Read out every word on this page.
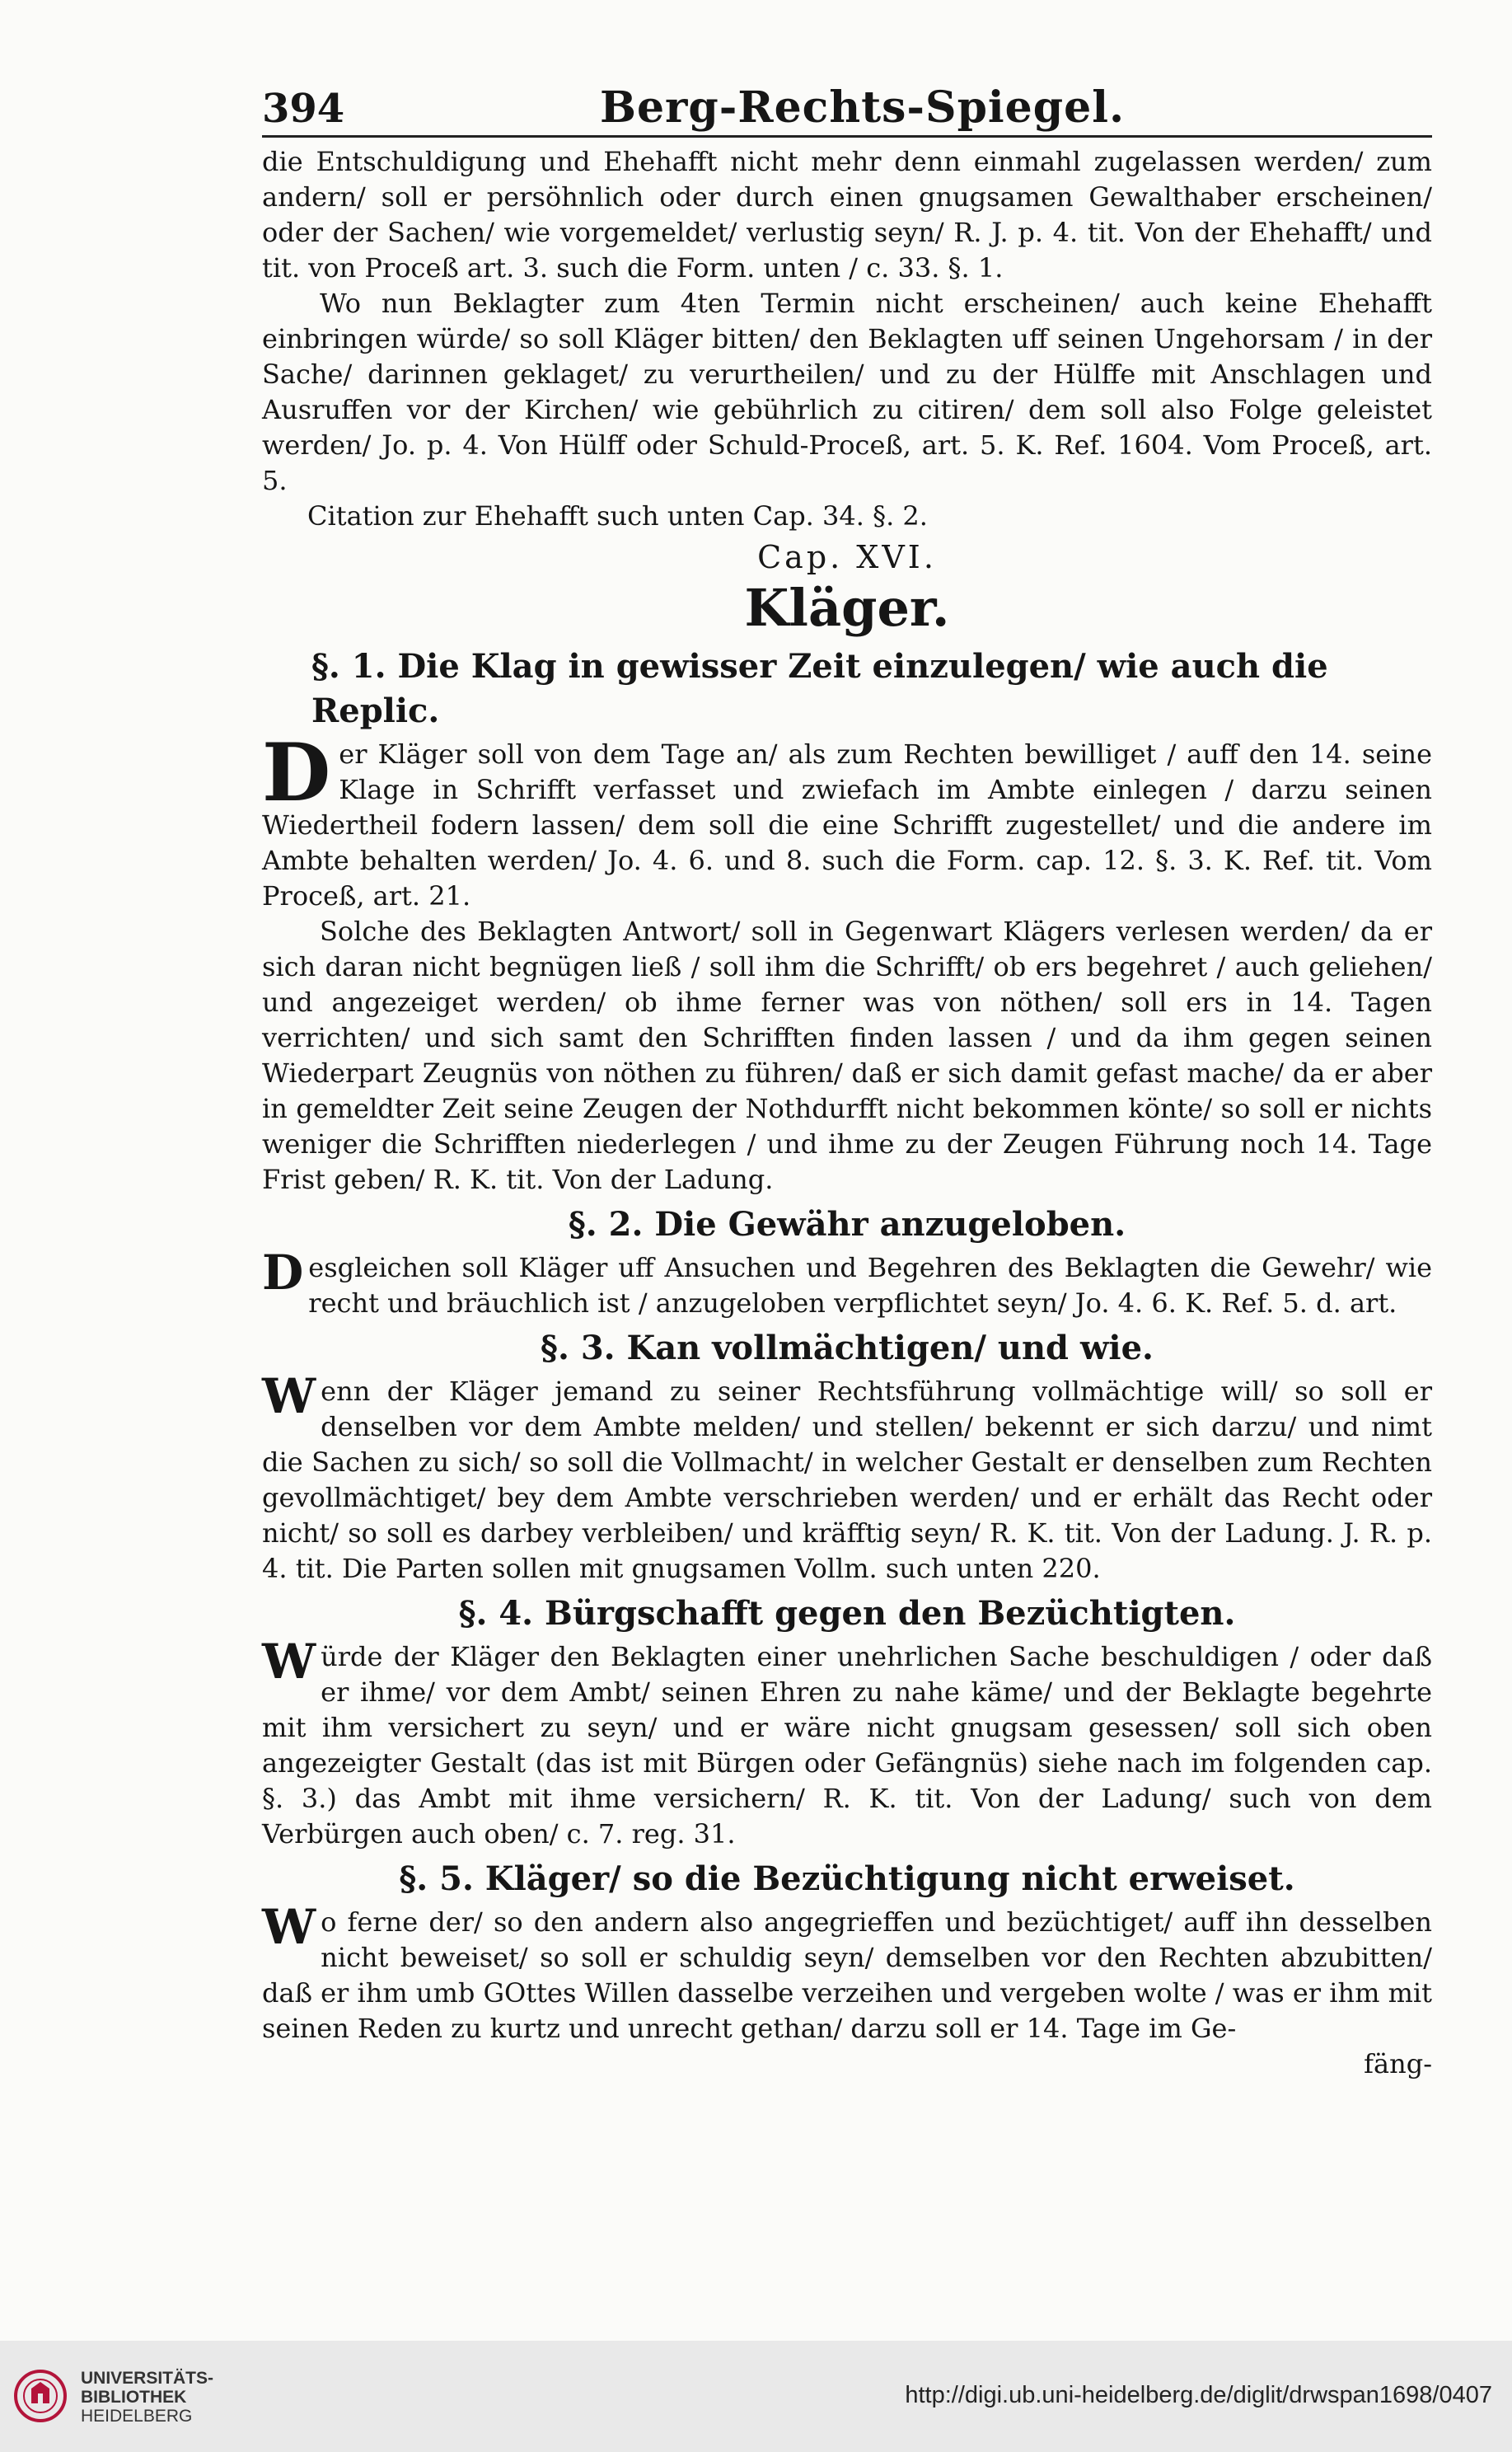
394	Berg-Rechts-Spiegel.

die Entschuldigung und Ehehafft nicht mehr denn einmahl zugelassen werden/ zum andern/ soll er persöhnlich oder durch einen gnugsamen Gewalthaber erscheinen/ oder der Sachen/ wie vorgemeldet/ verlustig seyn/ R. J. p. 4. tit. Von der Ehehafft/ und tit. von Proceß art. 3. such die Form. unten / c. 33. §. 1.

Wo nun Beklagter zum 4ten Termin nicht erscheinen/ auch keine Ehehafft einbringen würde/ so soll Kläger bitten/ den Beklagten uff seinen Ungehorsam / in der Sache/ darinnen geklaget/ zu verurtheilen/ und zu der Hülffe mit Anschlagen und Ausruffen vor der Kirchen/ wie gebührlich zu citiren/ dem soll also Folge geleistet werden/ Jo. p. 4. Von Hülff oder Schuld-Proceß, art. 5. K. Ref. 1604. Vom Proceß, art. 5.

Citation zur Ehehafft such unten Cap. 34. §. 2.

Cap. XVI.
Kläger.
§. 1. Die Klag in gewisser Zeit einzulegen/ wie auch die Replic.

Der Kläger soll von dem Tage an/ als zum Rechten bewilliget / auff den 14. seine Klage in Schrifft verfasset und zwiefach im Ambte einlegen / darzu seinen Wiedertheil fodern lassen/ dem soll die eine Schrifft zugestellet/ und die andere im Ambte behalten werden/ Jo. 4. 6. und 8. such die Form. cap. 12. §. 3. K. Ref. tit. Vom Proceß, art. 21.

Solche des Beklagten Antwort/ soll in Gegenwart Klägers verlesen werden/ da er sich daran nicht begnügen ließ / soll ihm die Schrifft/ ob ers begehret / auch geliehen/ und angezeiget werden/ ob ihme ferner was von nöthen/ soll ers in 14. Tagen verrichten/ und sich samt den Schrifften finden lassen / und da ihm gegen seinen Wiederpart Zeugnüs von nöthen zu führen/ daß er sich damit gefast mache/ da er aber in gemeldter Zeit seine Zeugen der Nothdurfft nicht bekommen könte/ so soll er nichts weniger die Schrifften niederlegen / und ihme zu der Zeugen Führung noch 14. Tage Frist geben/ R. K. tit. Von der Ladung.

§. 2. Die Gewähr anzugeloben.

Desgleichen soll Kläger uff Ansuchen und Begehren des Beklagten die Gewehr/ wie recht und bräuchlich ist / anzugeloben verpflichtet seyn/ Jo. 4. 6. K. Ref. 5. d. art.

§. 3. Kan vollmächtigen/ und wie.

Wenn der Kläger jemand zu seiner Rechtsführung vollmächtige will/ so soll er denselben vor dem Ambte melden/ und stellen/ bekennt er sich darzu/ und nimt die Sachen zu sich/ so soll die Vollmacht/ in welcher Gestalt er denselben zum Rechten gevollmächtiget/ bey dem Ambte verschrieben werden/ und er erhält das Recht oder nicht/ so soll es darbey verbleiben/ und kräfftig seyn/ R. K. tit. Von der Ladung. J. R. p. 4. tit. Die Parten sollen mit gnugsamen Vollm. such unten 220.

§. 4. Bürgschafft gegen den Bezüchtigten.

Würde der Kläger den Beklagten einer unehrlichen Sache beschuldigen / oder daß er ihme/ vor dem Ambt/ seinen Ehren zu nahe käme/ und der Beklagte begehrte mit ihm versichert zu seyn/ und er wäre nicht gnugsam gesessen/ soll sich oben angezeigter Gestalt (das ist mit Bürgen oder Gefängnüs) siehe nach im folgenden cap. §. 3.) das Ambt mit ihme versichern/ R. K. tit. Von der Ladung/ such von dem Verbürgen auch oben/ c. 7. reg. 31.

§. 5. Kläger/ so die Bezüchtigung nicht erweiset.

Wo ferne der/ so den andern also angegrieffen und bezüchtiget/ auff ihn desselben nicht beweiset/ so soll er schuldig seyn/ demselben vor den Rechten abzubitten/ daß er ihm umb GOttes Willen dasselbe verzeihen und vergeben wolte / was er ihm mit seinen Reden zu kurtz und unrecht gethan/ darzu soll er 14. Tage im Ge-

fäng-

UNIVERSITÄTS-
BIBLIOTHEK
HEIDELBERG
http://digi.ub.uni-heidelberg.de/diglit/drwspan1698/0407
